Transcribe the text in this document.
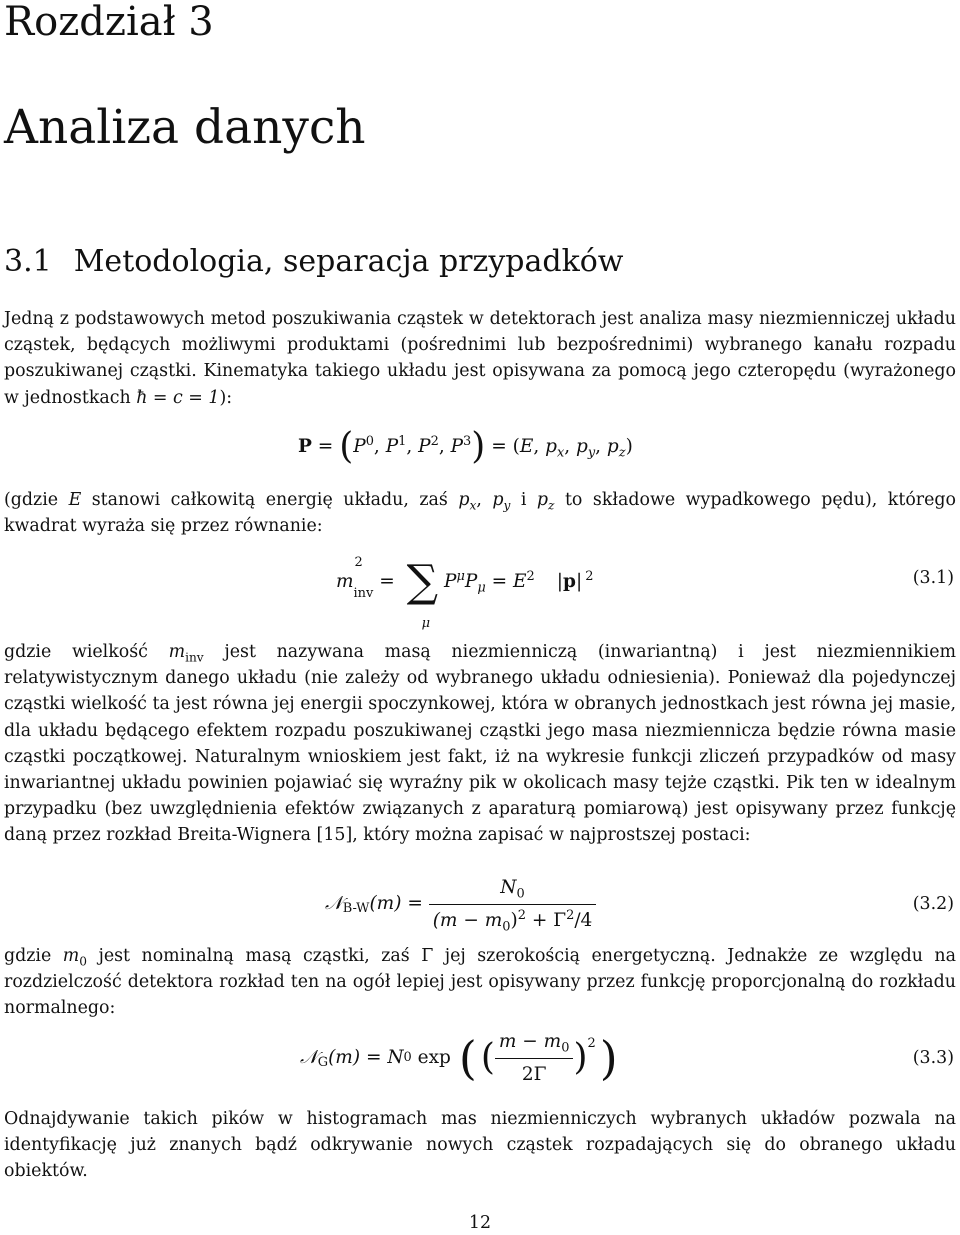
Rozdział 3
Analiza danych
3.1 Metodologia, separacja przypadków

Jedną z podstawowych metod poszukiwania cząstek w detektorach jest analiza masy niezmienniczej układu cząstek, będących możliwymi produktami (pośrednimi lub bezpośrednimi) wybranego kanału rozpadu poszukiwanej cząstki. Kinematyka takiego układu jest opisywana za pomocą jego czteropędu (wyrażonego w jednostkach ħ = c = 1):

$P = (P^0$, $P^1$, $P^2$, $P^3) = (E$, $p_x$, $p_y$, $p_z$)

(gdzie E stanowi całkowitą energię układu, zaś $p_x$, $p_y$ i $p_z$ to składowe wypadkowego pędu), którego kwadrat wyraża się przez równanie:

m
2
$_{inv}$ = ∑
μ
$P^\mu P_\mu = E^2$ |p| $^2$	(3.1)

gdzie wielkość $m_{inv}$ jest nazywana masą niezmienniczą (inwariantną) i jest niezmiennikiem relatywistycznym danego układu (nie zależy od wybranego układu odniesienia). Ponieważ dla pojedynczej cząstki wielkość ta jest równa jej energii spoczynkowej, która w obranych jednostkach jest równa jej masie, dla układu będącego efektem rozpadu poszukiwanej cząstki jego masa niezmiennicza będzie równa masie cząstki początkowej. Naturalnym wnioskiem jest fakt, iż na wykresie funkcji zliczeń przypadków od masy inwariantnej układu powinien pojawiać się wyraźny pik w okolicach masy tejże cząstki. Pik ten w idealnym przypadku (bez uwzględnienia efektów związanych z aparaturą pomiarową) jest opisywany przez funkcję daną przez rozkład Breita-Wignera [15], który można zapisać w najprostszej postaci:

𝒩$_{B-W}$ $(m) = \frac{N_0}{(m - m_0)^2 + \Gamma^2/4}$	(3.2)

gdzie $m_0$ jest nominalną masą cząstki, zaś Γ jej szerokością energetyczną. Jednakże ze względu na rozdzielczość detektora rozkład ten na ogół lepiej jest opisywany przez funkcję proporcjonalną do rozkładu normalnego:

𝒩$_G$ (m) = N 0 exp ( ( $\frac{m - m_0}{2\Gamma} )^2$ )	(3.3)

Odnajdywanie takich pików w histogramach mas niezmienniczych wybranych układów pozwala na identyfikację już znanych bądź odkrywanie nowych cząstek rozpadających się do obranego układu obiektów.

12
